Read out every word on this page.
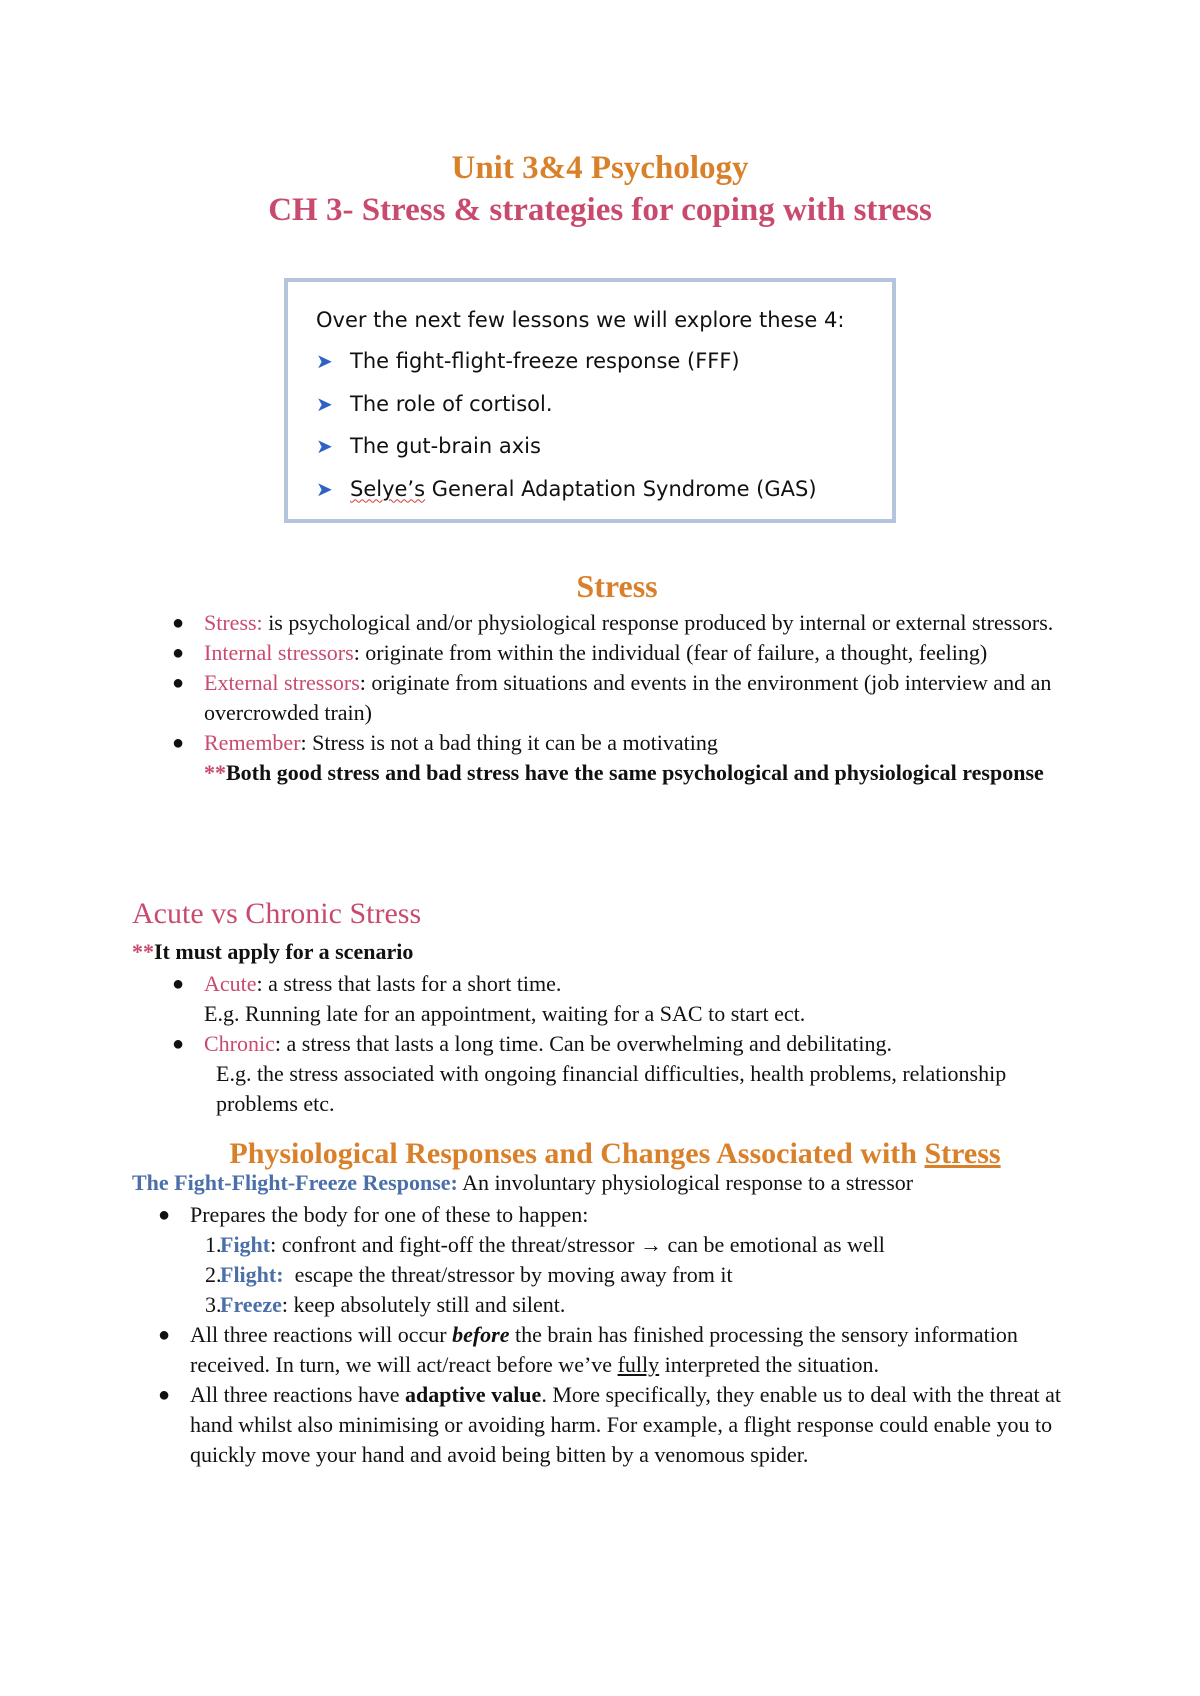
Unit 3&4 Psychology
CH 3- Stress & strategies for coping with stress
Over the next few lessons we will explore these 4:
➤ The fight-flight-freeze response (FFF)
➤ The role of cortisol.
➤ The gut-brain axis
➤ Selye’s General Adaptation Syndrome (GAS)
Stress
● Stress: is psychological and/or physiological response produced by internal or external stressors.
● Internal stressors: originate from within the individual (fear of failure, a thought, feeling)
● External stressors: originate from situations and events in the environment (job interview and an overcrowded train)
● Remember: Stress is not a bad thing it can be a motivating
**Both good stress and bad stress have the same psychological and physiological response
Acute vs Chronic Stress
**It must apply for a scenario
● Acute: a stress that lasts for a short time.
E.g. Running late for an appointment, waiting for a SAC to start ect.
● Chronic: a stress that lasts a long time. Can be overwhelming and debilitating.
E.g. the stress associated with ongoing financial difficulties, health problems, relationship problems etc.
Physiological Responses and Changes Associated with Stress
The Fight-Flight-Freeze Response: An involuntary physiological response to a stressor
● Prepares the body for one of these to happen:
1.
Fight: confront and fight-off the threat/stressor → can be emotional as well
2.
Flight:  escape the threat/stressor by moving away from it
3.
Freeze: keep absolutely still and silent.
● All three reactions will occur before the brain has finished processing the sensory information received. In turn, we will act/react before we’ve fully interpreted the situation.
● All three reactions have adaptive value. More specifically, they enable us to deal with the threat at hand whilst also minimising or avoiding harm. For example, a flight response could enable you to quickly move your hand and avoid being bitten by a venomous spider.
